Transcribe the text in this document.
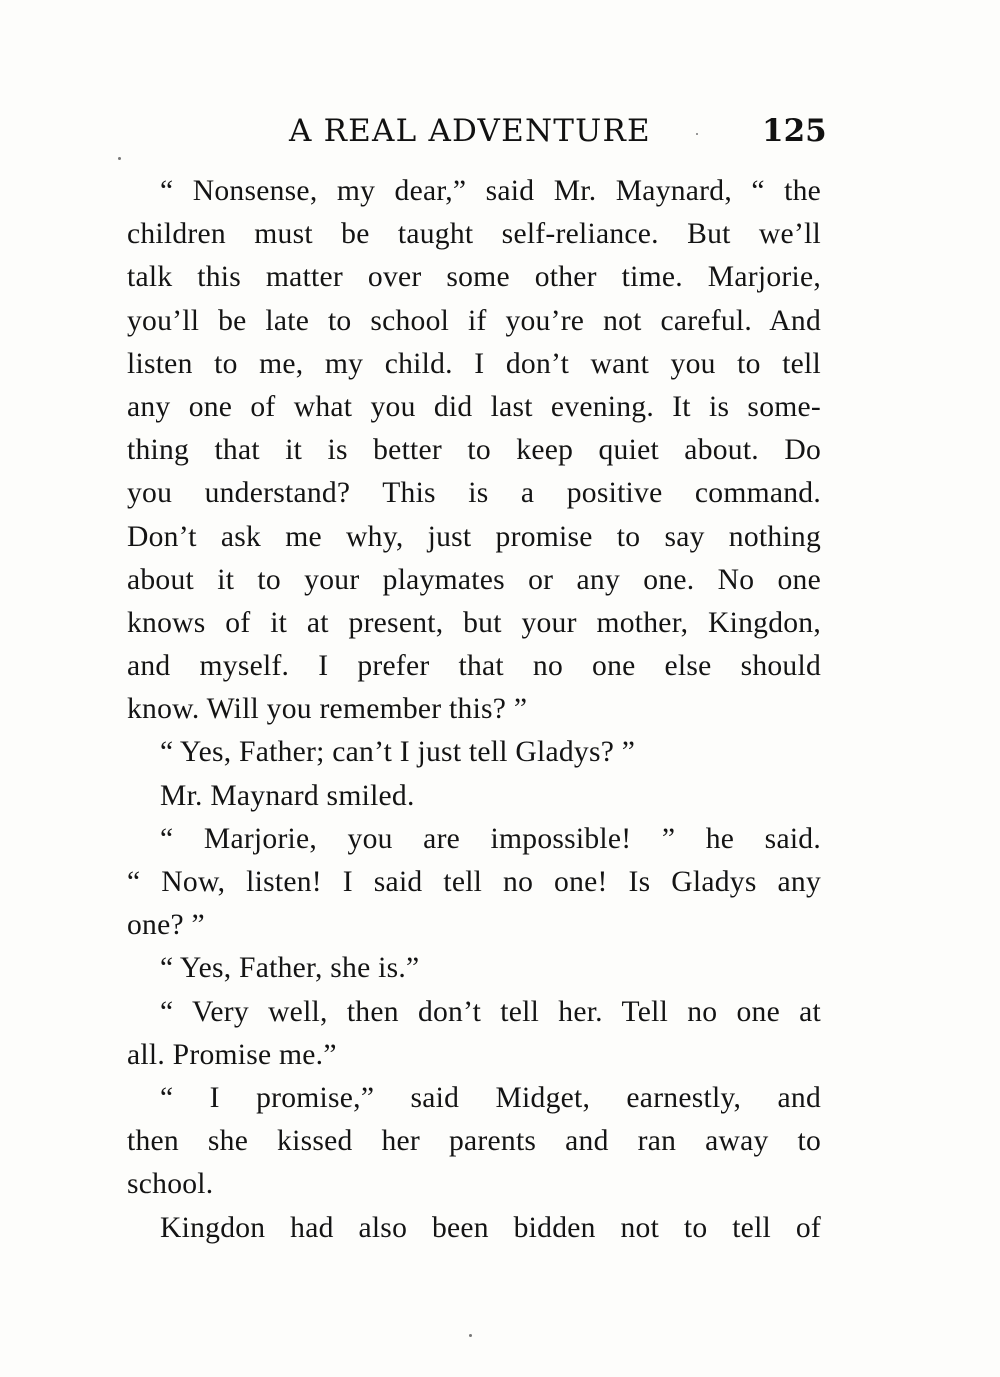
A REAL ADVENTURE	125
“ Nonsense, my dear,” said Mr. Maynard, “ the
children must be taught self-reliance. But we’ll
talk this matter over some other time. Marjorie,
you’ll be late to school if you’re not careful. And
listen to me, my child. I don’t want you to tell
any one of what you did last evening. It is some-
thing that it is better to keep quiet about. Do
you understand? This is a positive command.
Don’t ask me why, just promise to say nothing
about it to your playmates or any one. No one
knows of it at present, but your mother, Kingdon,
and myself. I prefer that no one else should
know. Will you remember this? ”
“ Yes, Father; can’t I just tell Gladys? ”
Mr. Maynard smiled.
“ Marjorie, you are impossible! ” he said.
“ Now, listen! I said tell no one! Is Gladys any
one? ”
“ Yes, Father, she is.”
“ Very well, then don’t tell her. Tell no one at
all. Promise me.”
“ I promise,” said Midget, earnestly, and
then she kissed her parents and ran away to
school.
Kingdon had also been bidden not to tell of
